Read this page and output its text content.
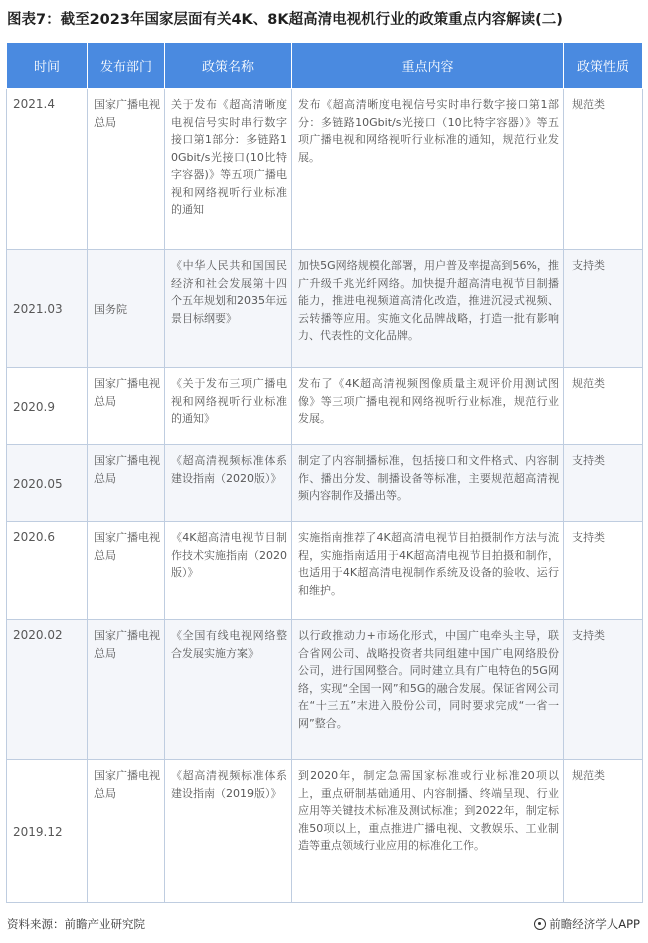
图表7：截至2023年国家层面有关4K、8K超高清电视机行业的政策重点内容解读(二)
时间	发布部门	政策名称	重点内容	政策性质
2021.4	国家广播电视总局	关于发布《超高清晰度电视信号实时串行数字接口第1部分：多链路10Gbit/s光接口(10比特字容器)》等五项广播电视和网络视听行业标准的通知	发布《超高清晰度电视信号实时串行数字接口第1部分：多链路10Gbit/s光接口（10比特字容器）》等五项广播电视和网络视听行业标准的通知，规范行业发展。	规范类
2021.03	国务院	《中华人民共和国国民经济和社会发展第十四个五年规划和2035年远景目标纲要》	加快5G网络规模化部署，用户普及率提高到56%，推广升级千兆光纤网络。加快提升超高清电视节目制播能力，推进电视频道高清化改造，推进沉浸式视频、云转播等应用。实施文化品牌战略，打造一批有影响力、代表性的文化品牌。	支持类
2020.9	国家广播电视总局	《关于发布三项广播电视和网络视听行业标准的通知》	发布了《4K超高清视频图像质量主观评价用测试图像》等三项广播电视和网络视听行业标准，规范行业发展。	规范类
2020.05	国家广播电视总局	《超高清视频标准体系建设指南（2020版）》	制定了内容制播标准，包括接口和文件格式、内容制作、播出分发、制播设备等标准，主要规范超高清视频内容制作及播出等。	支持类
2020.6	国家广播电视总局	《4K超高清电视节目制作技术实施指南（2020版）》	实施指南推荐了4K超高清电视节目拍摄制作方法与流程，实施指南适用于4K超高清电视节目拍摄和制作，也适用于4K超高清电视制作系统及设备的验收、运行和维护。	支持类
2020.02	国家广播电视总局	《全国有线电视网络整合发展实施方案》	以行政推动力+市场化形式，中国广电牵头主导，联合省网公司、战略投资者共同组建中国广电网络股份公司，进行国网整合。同时建立具有广电特色的5G网络，实现“全国一网”和5G的融合发展。保证省网公司在“十三五”末进入股份公司，同时要求完成“一省一网”整合。	支持类
2019.12	国家广播电视总局	《超高清视频标准体系建设指南（2019版）》	到2020年，制定急需国家标准或行业标准20项以上，重点研制基础通用、内容制播、终端呈现、行业应用等关键技术标准及测试标准；到2022年，制定标准50项以上，重点推进广播电视、文教娱乐、工业制造等重点领域行业应用的标准化工作。	规范类
资料来源：前瞻产业研究院	前瞻经济学人APP
